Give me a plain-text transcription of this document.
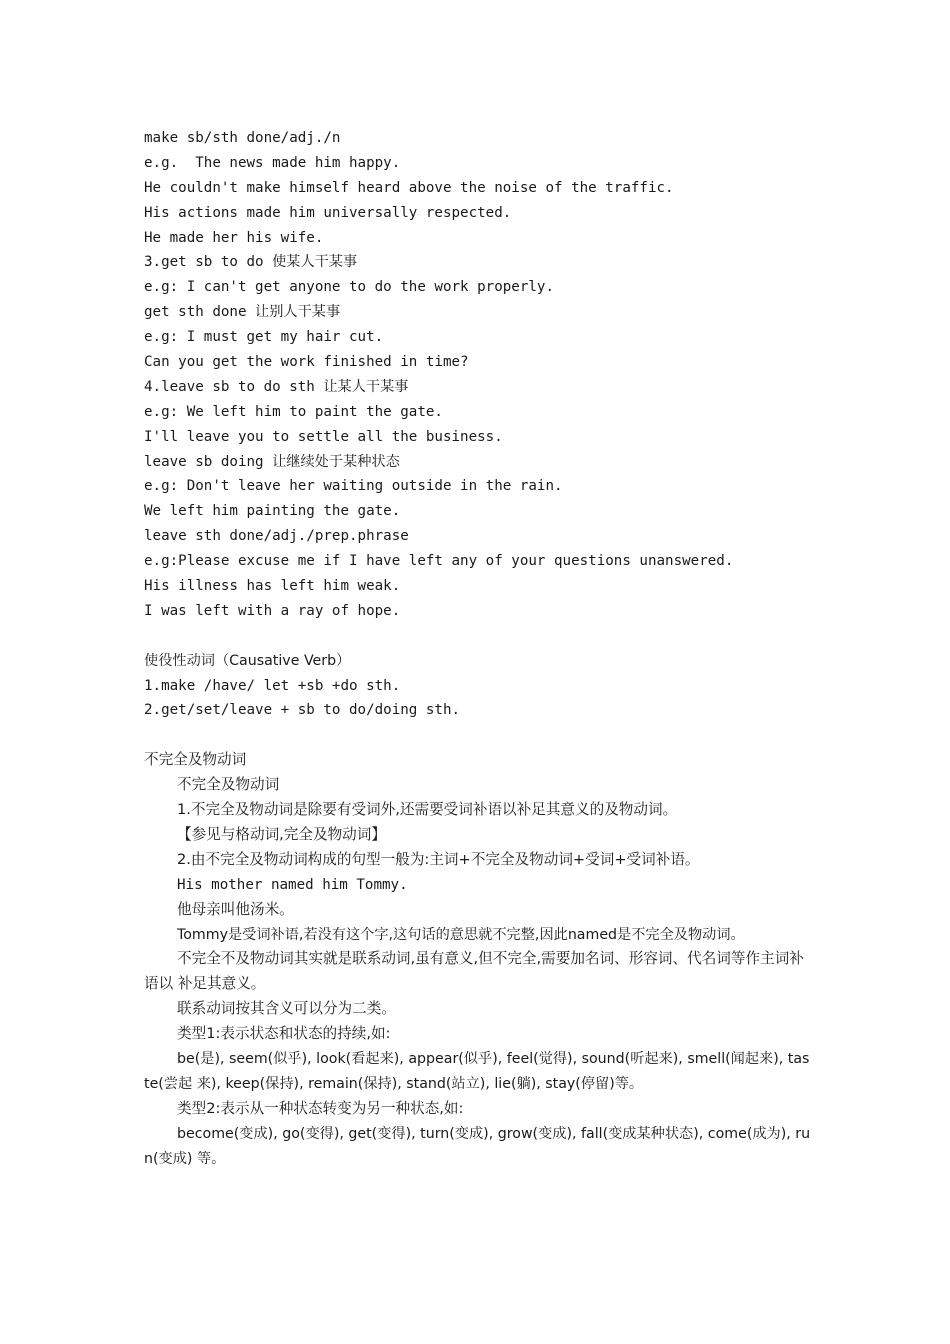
make sb/sth done/adj./n
e.g.  The news made him happy.
He couldn't make himself heard above the noise of the traffic.
His actions made him universally respected.
He made her his wife.
3.get sb to do 使某人干某事
e.g: I can't get anyone to do the work properly.
get sth done 让别人干某事
e.g: I must get my hair cut.
Can you get the work finished in time?
4.leave sb to do sth 让某人干某事
e.g: We left him to paint the gate.
I'll leave you to settle all the business.
leave sb doing 让继续处于某种状态
e.g: Don't leave her waiting outside in the rain.
We left him painting the gate.
leave sth done/adj./prep.phrase
e.g:Please excuse me if I have left any of your questions unanswered.
His illness has left him weak.
I was left with a ray of hope.
使役性动词（Causative Verb）
1.make /have/ let +sb +do sth.
2.get/set/leave + sb to do/doing sth.
不完全及物动词
不完全及物动词
1.不完全及物动词是除要有受词外,还需要受词补语以补足其意义的及物动词。
【参见与格动词,完全及物动词】
2.由不完全及物动词构成的句型一般为:主词+不完全及物动词+受词+受词补语。
His mother named him Tommy.
他母亲叫他汤米。
Tommy是受词补语,若没有这个字,这句话的意思就不完整,因此named是不完全及物动词。
不完全不及物动词其实就是联系动词,虽有意义,但不完全,需要加名词、形容词、代名词等作主词补语以 补足其意义。
联系动词按其含义可以分为二类。
类型1:表示状态和状态的持续,如:
be(是), seem(似乎), look(看起来), appear(似乎), feel(觉得), sound(听起来), smell(闻起来), taste(尝起 来), keep(保持), remain(保持), stand(站立), lie(躺), stay(停留)等。
类型2:表示从一种状态转变为另一种状态,如:
become(变成), go(变得), get(变得), turn(变成), grow(变成), fall(变成某种状态), come(成为), run(变成) 等。
